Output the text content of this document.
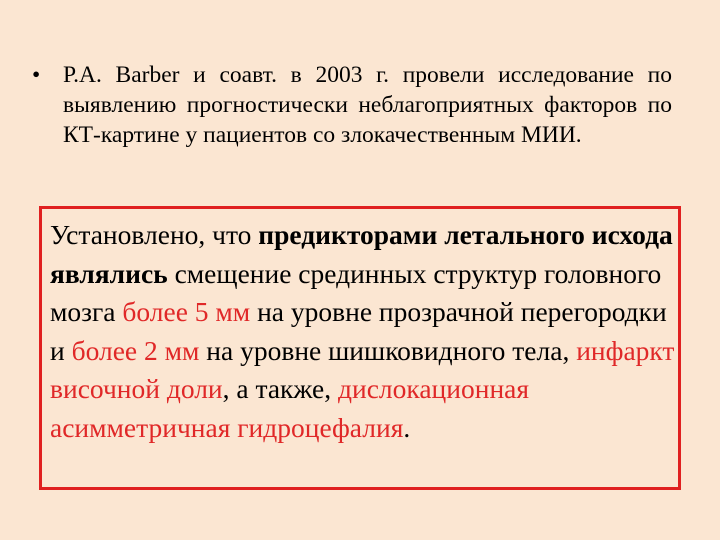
• Р.А. Barber и соавт. в 2003 г. провели исследование по выявлению прогностически неблагоприятных факторов по КТ-картине у пациентов со злокачественным МИИ.
Установлено, что предикторами летального исхода являлись смещение срединных структур головного мозга более 5 мм на уровне прозрачной перегородки и более 2 мм на уровне шишковидного тела, инфаркт височной доли, а также, дислокационная асимметричная гидроцефалия.
